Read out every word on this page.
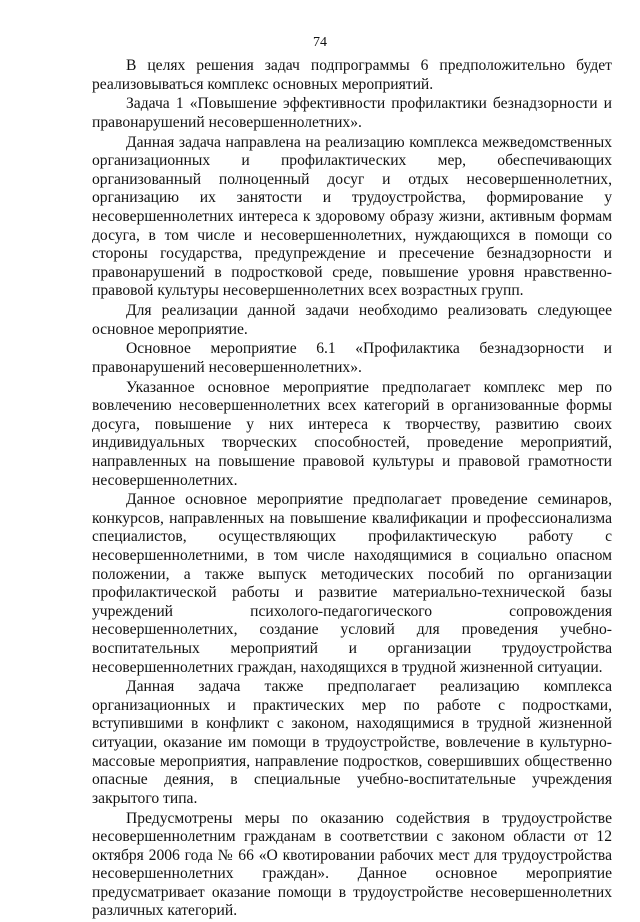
74

В целях решения задач подпрограммы 6 предположительно будет реализовываться комплекс основных мероприятий.

Задача 1 «Повышение эффективности профилактики безнадзорности и правонарушений несовершеннолетних».

Данная задача направлена на реализацию комплекса межведомственных организационных и профилактических мер, обеспечивающих организованный полноценный досуг и отдых несовершеннолетних, организацию их занятости и трудоустройства, формирование у несовершеннолетних интереса к здоровому образу жизни, активным формам досуга, в том числе и несовершеннолетних, нуждающихся в помощи со стороны государства, предупреждение и пресечение безнадзорности и правонарушений в подростковой среде, повышение уровня нравственно-правовой культуры несовершеннолетних всех возрастных групп.

Для реализации данной задачи необходимо реализовать следующее основное мероприятие.

Основное мероприятие 6.1 «Профилактика безнадзорности и правонарушений несовершеннолетних».

Указанное основное мероприятие предполагает комплекс мер по вовлечению несовершеннолетних всех категорий в организованные формы досуга, повышение у них интереса к творчеству, развитию своих индивидуальных творческих способностей, проведение мероприятий, направленных на повышение правовой культуры и правовой грамотности несовершеннолетних.

Данное основное мероприятие предполагает проведение семинаров, конкурсов, направленных на повышение квалификации и профессионализма специалистов, осуществляющих профилактическую работу с несовершеннолетними, в том числе находящимися в социально опасном положении, а также выпуск методических пособий по организации профилактической работы и развитие материально-технической базы учреждений психолого-педагогического сопровождения несовершеннолетних, создание условий для проведения учебно-воспитательных мероприятий и организации трудоустройства несовершеннолетних граждан, находящихся в трудной жизненной ситуации.

Данная задача также предполагает реализацию комплекса организационных и практических мер по работе с подростками, вступившими в конфликт с законом, находящимися в трудной жизненной ситуации, оказание им помощи в трудоустройстве, вовлечение в культурно-массовые мероприятия, направление подростков, совершивших общественно опасные деяния, в специальные учебно-воспитательные учреждения закрытого типа.

Предусмотрены меры по оказанию содействия в трудоустройстве несовершеннолетним гражданам в соответствии с законом области от 12 октября 2006 года № 66 «О квотировании рабочих мест для трудоустройства несовершеннолетних граждан». Данное основное мероприятие предусматривает оказание помощи в трудоустройстве несовершеннолетних различных категорий.
